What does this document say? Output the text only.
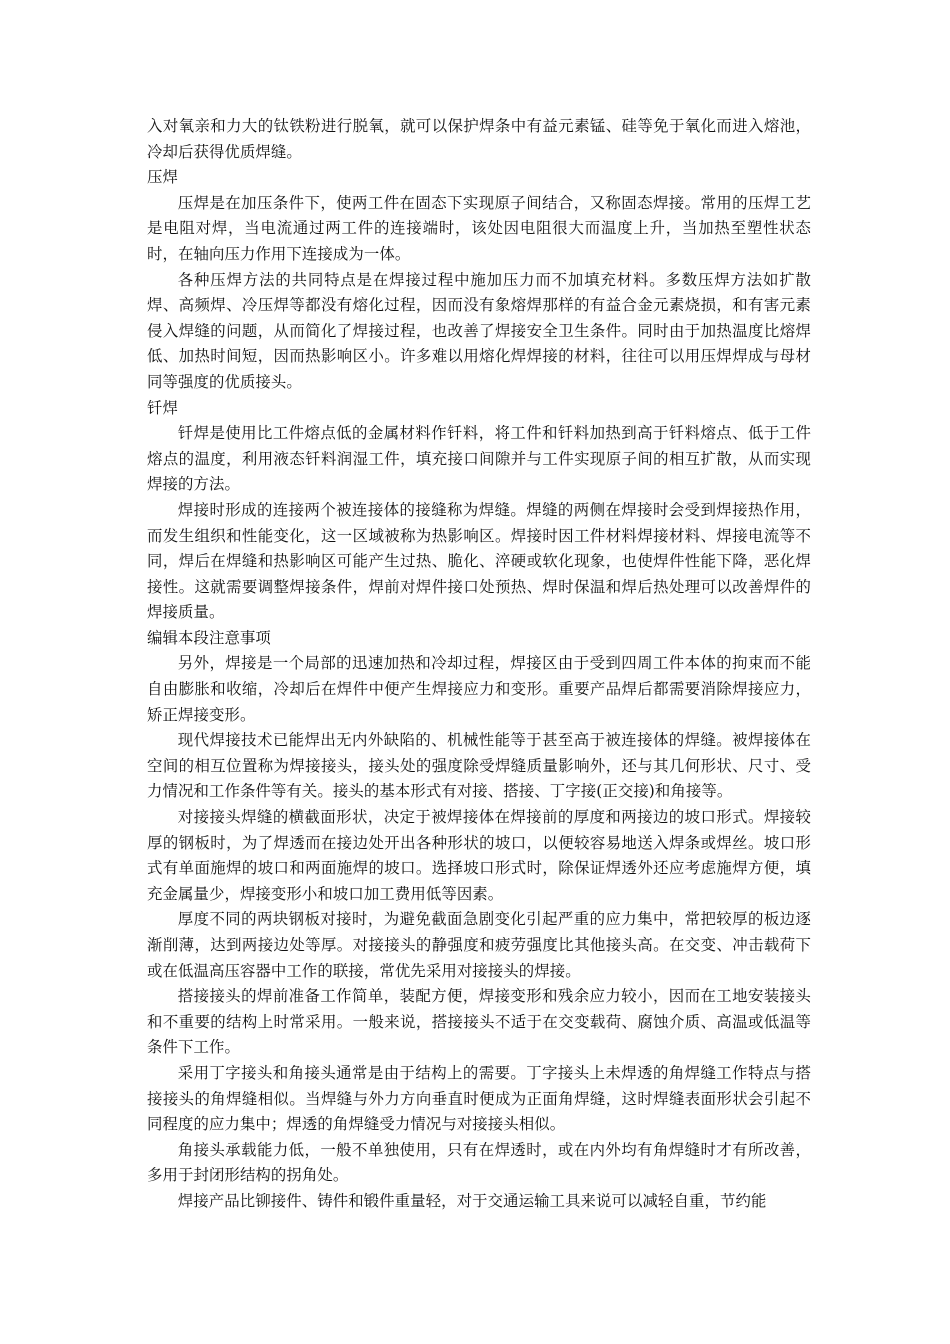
入对氧亲和力大的钛铁粉进行脱氧，就可以保护焊条中有益元素锰、硅等免于氧化而进入熔池，冷却后获得优质焊缝。

压焊

压焊是在加压条件下，使两工件在固态下实现原子间结合，又称固态焊接。常用的压焊工艺是电阻对焊，当电流通过两工件的连接端时，该处因电阻很大而温度上升，当加热至塑性状态时，在轴向压力作用下连接成为一体。

各种压焊方法的共同特点是在焊接过程中施加压力而不加填充材料。多数压焊方法如扩散焊、高频焊、冷压焊等都没有熔化过程，因而没有象熔焊那样的有益合金元素烧损，和有害元素侵入焊缝的问题，从而简化了焊接过程，也改善了焊接安全卫生条件。同时由于加热温度比熔焊低、加热时间短，因而热影响区小。许多难以用熔化焊焊接的材料，往往可以用压焊焊成与母材同等强度的优质接头。

钎焊

钎焊是使用比工件熔点低的金属材料作钎料，将工件和钎料加热到高于钎料熔点、低于工件熔点的温度，利用液态钎料润湿工件，填充接口间隙并与工件实现原子间的相互扩散，从而实现焊接的方法。

焊接时形成的连接两个被连接体的接缝称为焊缝。焊缝的两侧在焊接时会受到焊接热作用，而发生组织和性能变化，这一区域被称为热影响区。焊接时因工件材料焊接材料、焊接电流等不同，焊后在焊缝和热影响区可能产生过热、脆化、淬硬或软化现象，也使焊件性能下降，恶化焊接性。这就需要调整焊接条件，焊前对焊件接口处预热、焊时保温和焊后热处理可以改善焊件的焊接质量。

编辑本段注意事项

另外，焊接是一个局部的迅速加热和冷却过程，焊接区由于受到四周工件本体的拘束而不能自由膨胀和收缩，冷却后在焊件中便产生焊接应力和变形。重要产品焊后都需要消除焊接应力，矫正焊接变形。

现代焊接技术已能焊出无内外缺陷的、机械性能等于甚至高于被连接体的焊缝。被焊接体在空间的相互位置称为焊接接头，接头处的强度除受焊缝质量影响外，还与其几何形状、尺寸、受力情况和工作条件等有关。接头的基本形式有对接、搭接、丁字接(正交接)和角接等。

对接接头焊缝的横截面形状，决定于被焊接体在焊接前的厚度和两接边的坡口形式。焊接较厚的钢板时，为了焊透而在接边处开出各种形状的坡口，以便较容易地送入焊条或焊丝。坡口形式有单面施焊的坡口和两面施焊的坡口。选择坡口形式时，除保证焊透外还应考虑施焊方便，填充金属量少，焊接变形小和坡口加工费用低等因素。

厚度不同的两块钢板对接时，为避免截面急剧变化引起严重的应力集中，常把较厚的板边逐渐削薄，达到两接边处等厚。对接接头的静强度和疲劳强度比其他接头高。在交变、冲击载荷下或在低温高压容器中工作的联接，常优先采用对接接头的焊接。

搭接接头的焊前准备工作简单，装配方便，焊接变形和残余应力较小，因而在工地安装接头和不重要的结构上时常采用。一般来说，搭接接头不适于在交变载荷、腐蚀介质、高温或低温等条件下工作。

采用丁字接头和角接头通常是由于结构上的需要。丁字接头上未焊透的角焊缝工作特点与搭接接头的角焊缝相似。当焊缝与外力方向垂直时便成为正面角焊缝，这时焊缝表面形状会引起不同程度的应力集中；焊透的角焊缝受力情况与对接接头相似。

角接头承载能力低，一般不单独使用，只有在焊透时，或在内外均有角焊缝时才有所改善，多用于封闭形结构的拐角处。

焊接产品比铆接件、铸件和锻件重量轻，对于交通运输工具来说可以减轻自重，节约能
